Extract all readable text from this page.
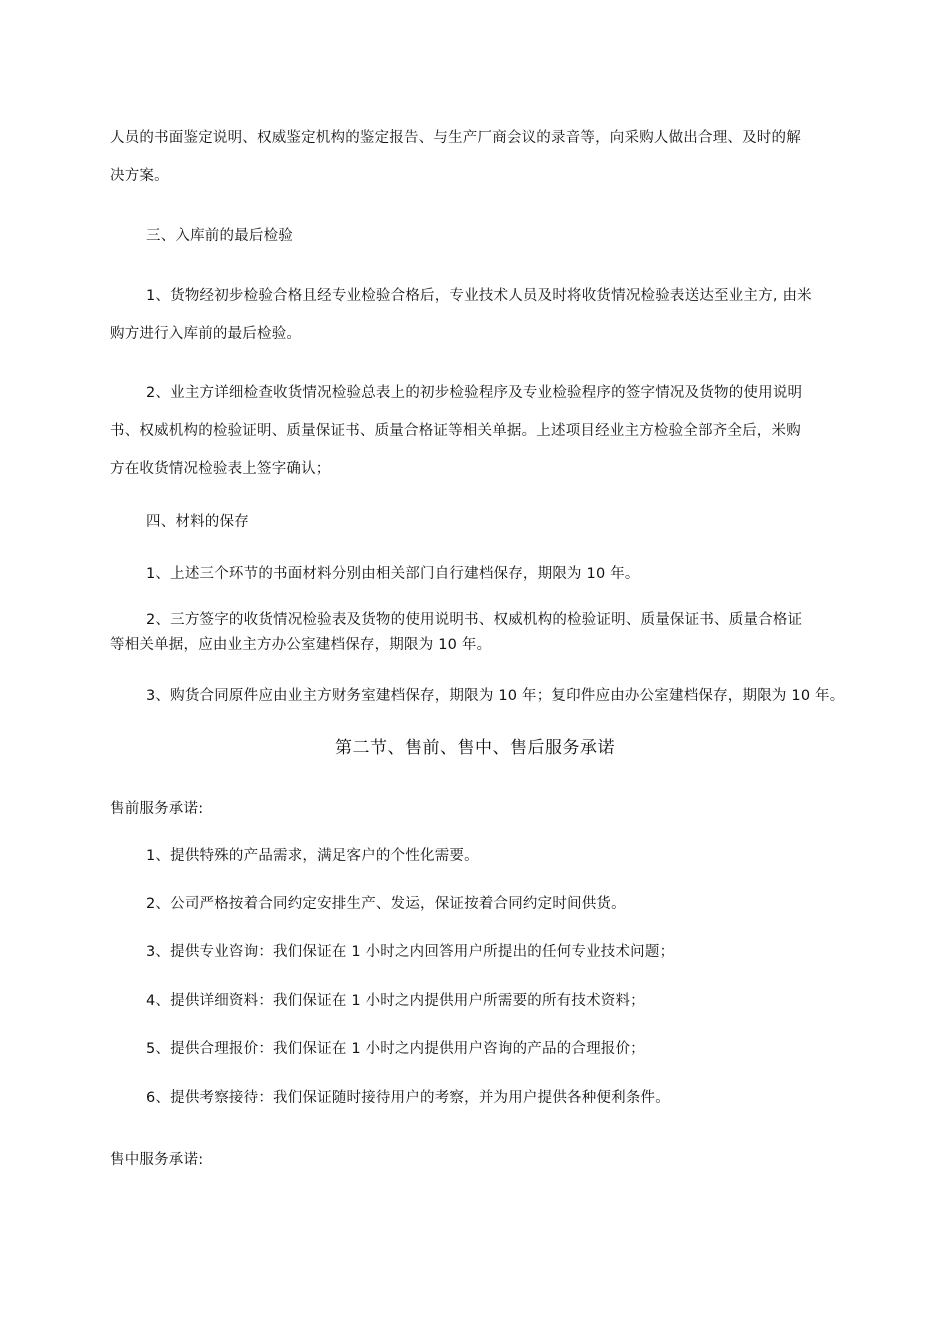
人员的书面鉴定说明、权威鉴定机构的鉴定报告、与生产厂商会议的录音等，向采购人做出合理、及时的解
决方案。
三、入库前的最后检验
1、货物经初步检验合格且经专业检验合格后，专业技术人员及时将收货情况检验表送达至业主方, 由米
购方进行入库前的最后检验。
2、业主方详细检查收货情况检验总表上的初步检验程序及专业检验程序的签字情况及货物的使用说明
书、权威机构的检验证明、质量保证书、质量合格证等相关单据。上述项目经业主方检验全部齐全后，米购
方在收货情况检验表上签字确认；
四、材料的保存
1、上述三个环节的书面材料分别由相关部门自行建档保存，期限为 10 年。
2、三方签字的收货情况检验表及货物的使用说明书、权威机构的检验证明、质量保证书、质量合格证
等相关单据，应由业主方办公室建档保存，期限为 10 年。
3、购货合同原件应由业主方财务室建档保存，期限为 10 年；复印件应由办公室建档保存，期限为 10 年。
第二节、售前、售中、售后服务承诺
售前服务承诺:
1、提供特殊的产品需求，满足客户的个性化需要。
2、公司严格按着合同约定安排生产、发运，保证按着合同约定时间供货。
3、提供专业咨询：我们保证在 1 小时之内回答用户所提出的任何专业技术问题；
4、提供详细资料：我们保证在 1 小时之内提供用户所需要的所有技术资料；
5、提供合理报价：我们保证在 1 小时之内提供用户咨询的产品的合理报价；
6、提供考察接待：我们保证随时接待用户的考察，并为用户提供各种便利条件。
售中服务承诺:
